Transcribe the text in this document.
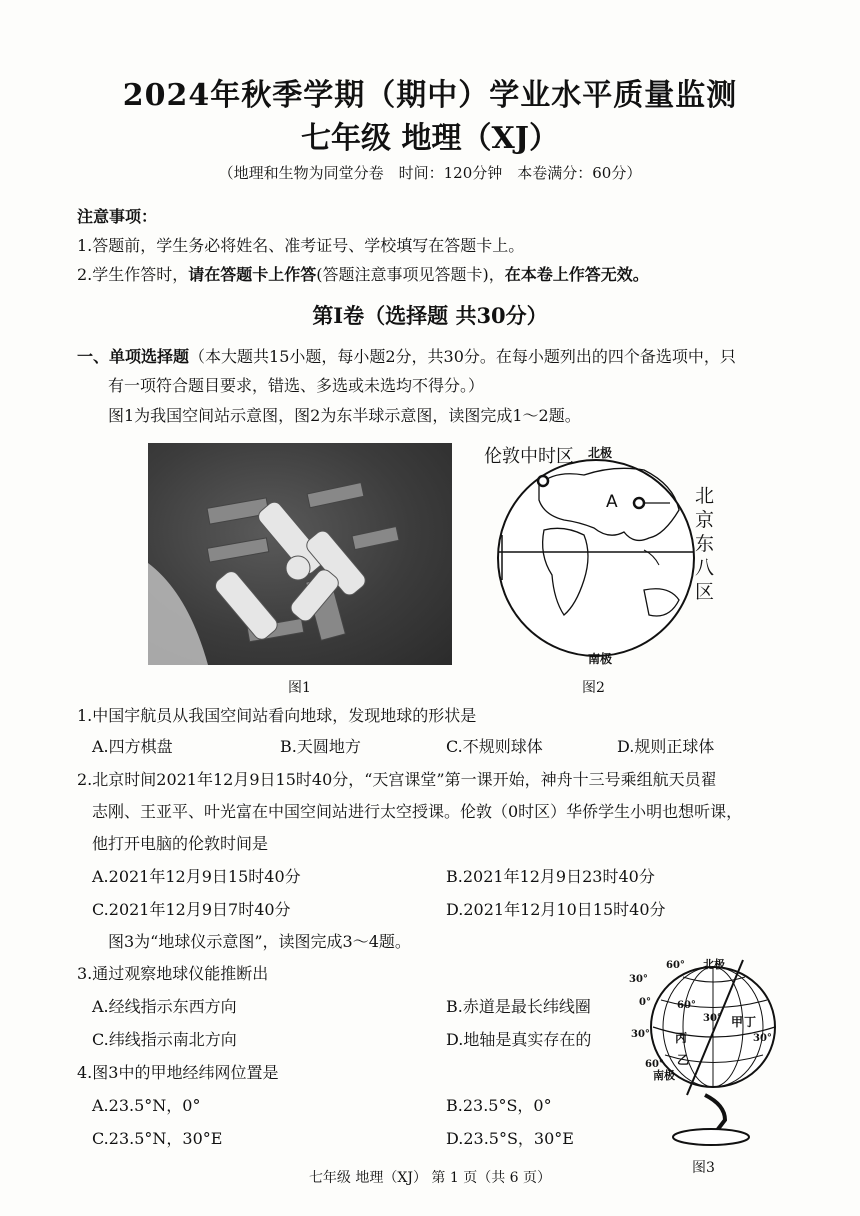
2024年秋季学期（期中）学业水平质量监测
七年级 地理（XJ）
（地理和生物为同堂分卷　时间：120分钟　本卷满分：60分）
注意事项：
1.答题前，学生务必将姓名、准考证号、学校填写在答题卡上。
2.学生作答时，请在答题卡上作答(答题注意事项见答题卡)，在本卷上作答无效。
第Ⅰ卷（选择题 共30分）
一、单项选择题（本大题共15小题，每小题2分，共30分。在每小题列出的四个备选项中，只
有一项符合题目要求，错选、多选或未选均不得分。）
图1为我国空间站示意图，图2为东半球示意图，读图完成1～2题。
伦敦中时区 北极
南极
A	北
京
东
八
区
图1	图2
1.中国宇航员从我国空间站看向地球，发现地球的形状是
A.四方棋盘	B.天圆地方	C.不规则球体	D.规则正球体
2.北京时间2021年12月9日15时40分，“天宫课堂”第一课开始，神舟十三号乘组航天员翟
志刚、王亚平、叶光富在中国空间站进行太空授课。伦敦（0时区）华侨学生小明也想听课，
他打开电脑的伦敦时间是
A.2021年12月9日15时40分	B.2021年12月9日23时40分
C.2021年12月9日7时40分	D.2021年12月10日15时40分
图3为“地球仪示意图”，读图完成3～4题。
3.通过观察地球仪能推断出
A.经线指示东西方向	B.赤道是最长纬线圈
C.纬线指示南北方向	D.地轴是真实存在的
4.图3中的甲地经纬网位置是
A.23.5°N，0°	B.23.5°S，0°
C.23.5°N，30°E	D.23.5°S，30°E
北极
南极
60°
30°
0°	60°
30°
30°	30°
60°
甲
乙
丙
丁
图3
七年级 地理（XJ） 第 1 页（共 6 页）
